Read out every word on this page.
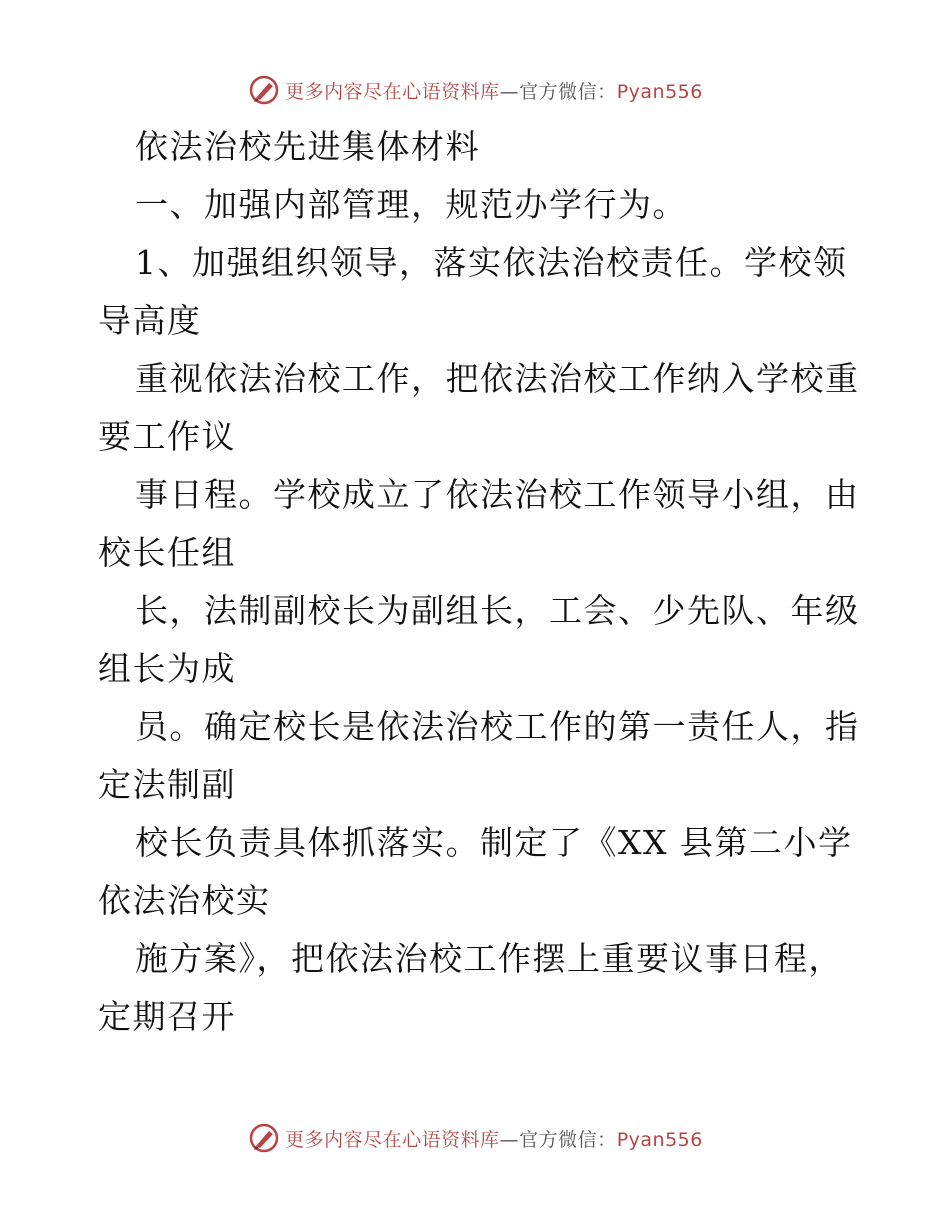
更多内容尽在心语资料库—官方微信：Pyan556
依法治校先进集体材料
一、加强内部管理，规范办学行为。
1、加强组织领导，落实依法治校责任。学校领
导高度
重视依法治校工作，把依法治校工作纳入学校重
要工作议
事日程。学校成立了依法治校工作领导小组，由
校长任组
长，法制副校长为副组长，工会、少先队、年级
组长为成
员。确定校长是依法治校工作的第一责任人，指
定法制副
校长负责具体抓落实。制定了《XX 县第二小学
依法治校实
施方案》，把依法治校工作摆上重要议事日程，
定期召开
更多内容尽在心语资料库—官方微信：Pyan556
